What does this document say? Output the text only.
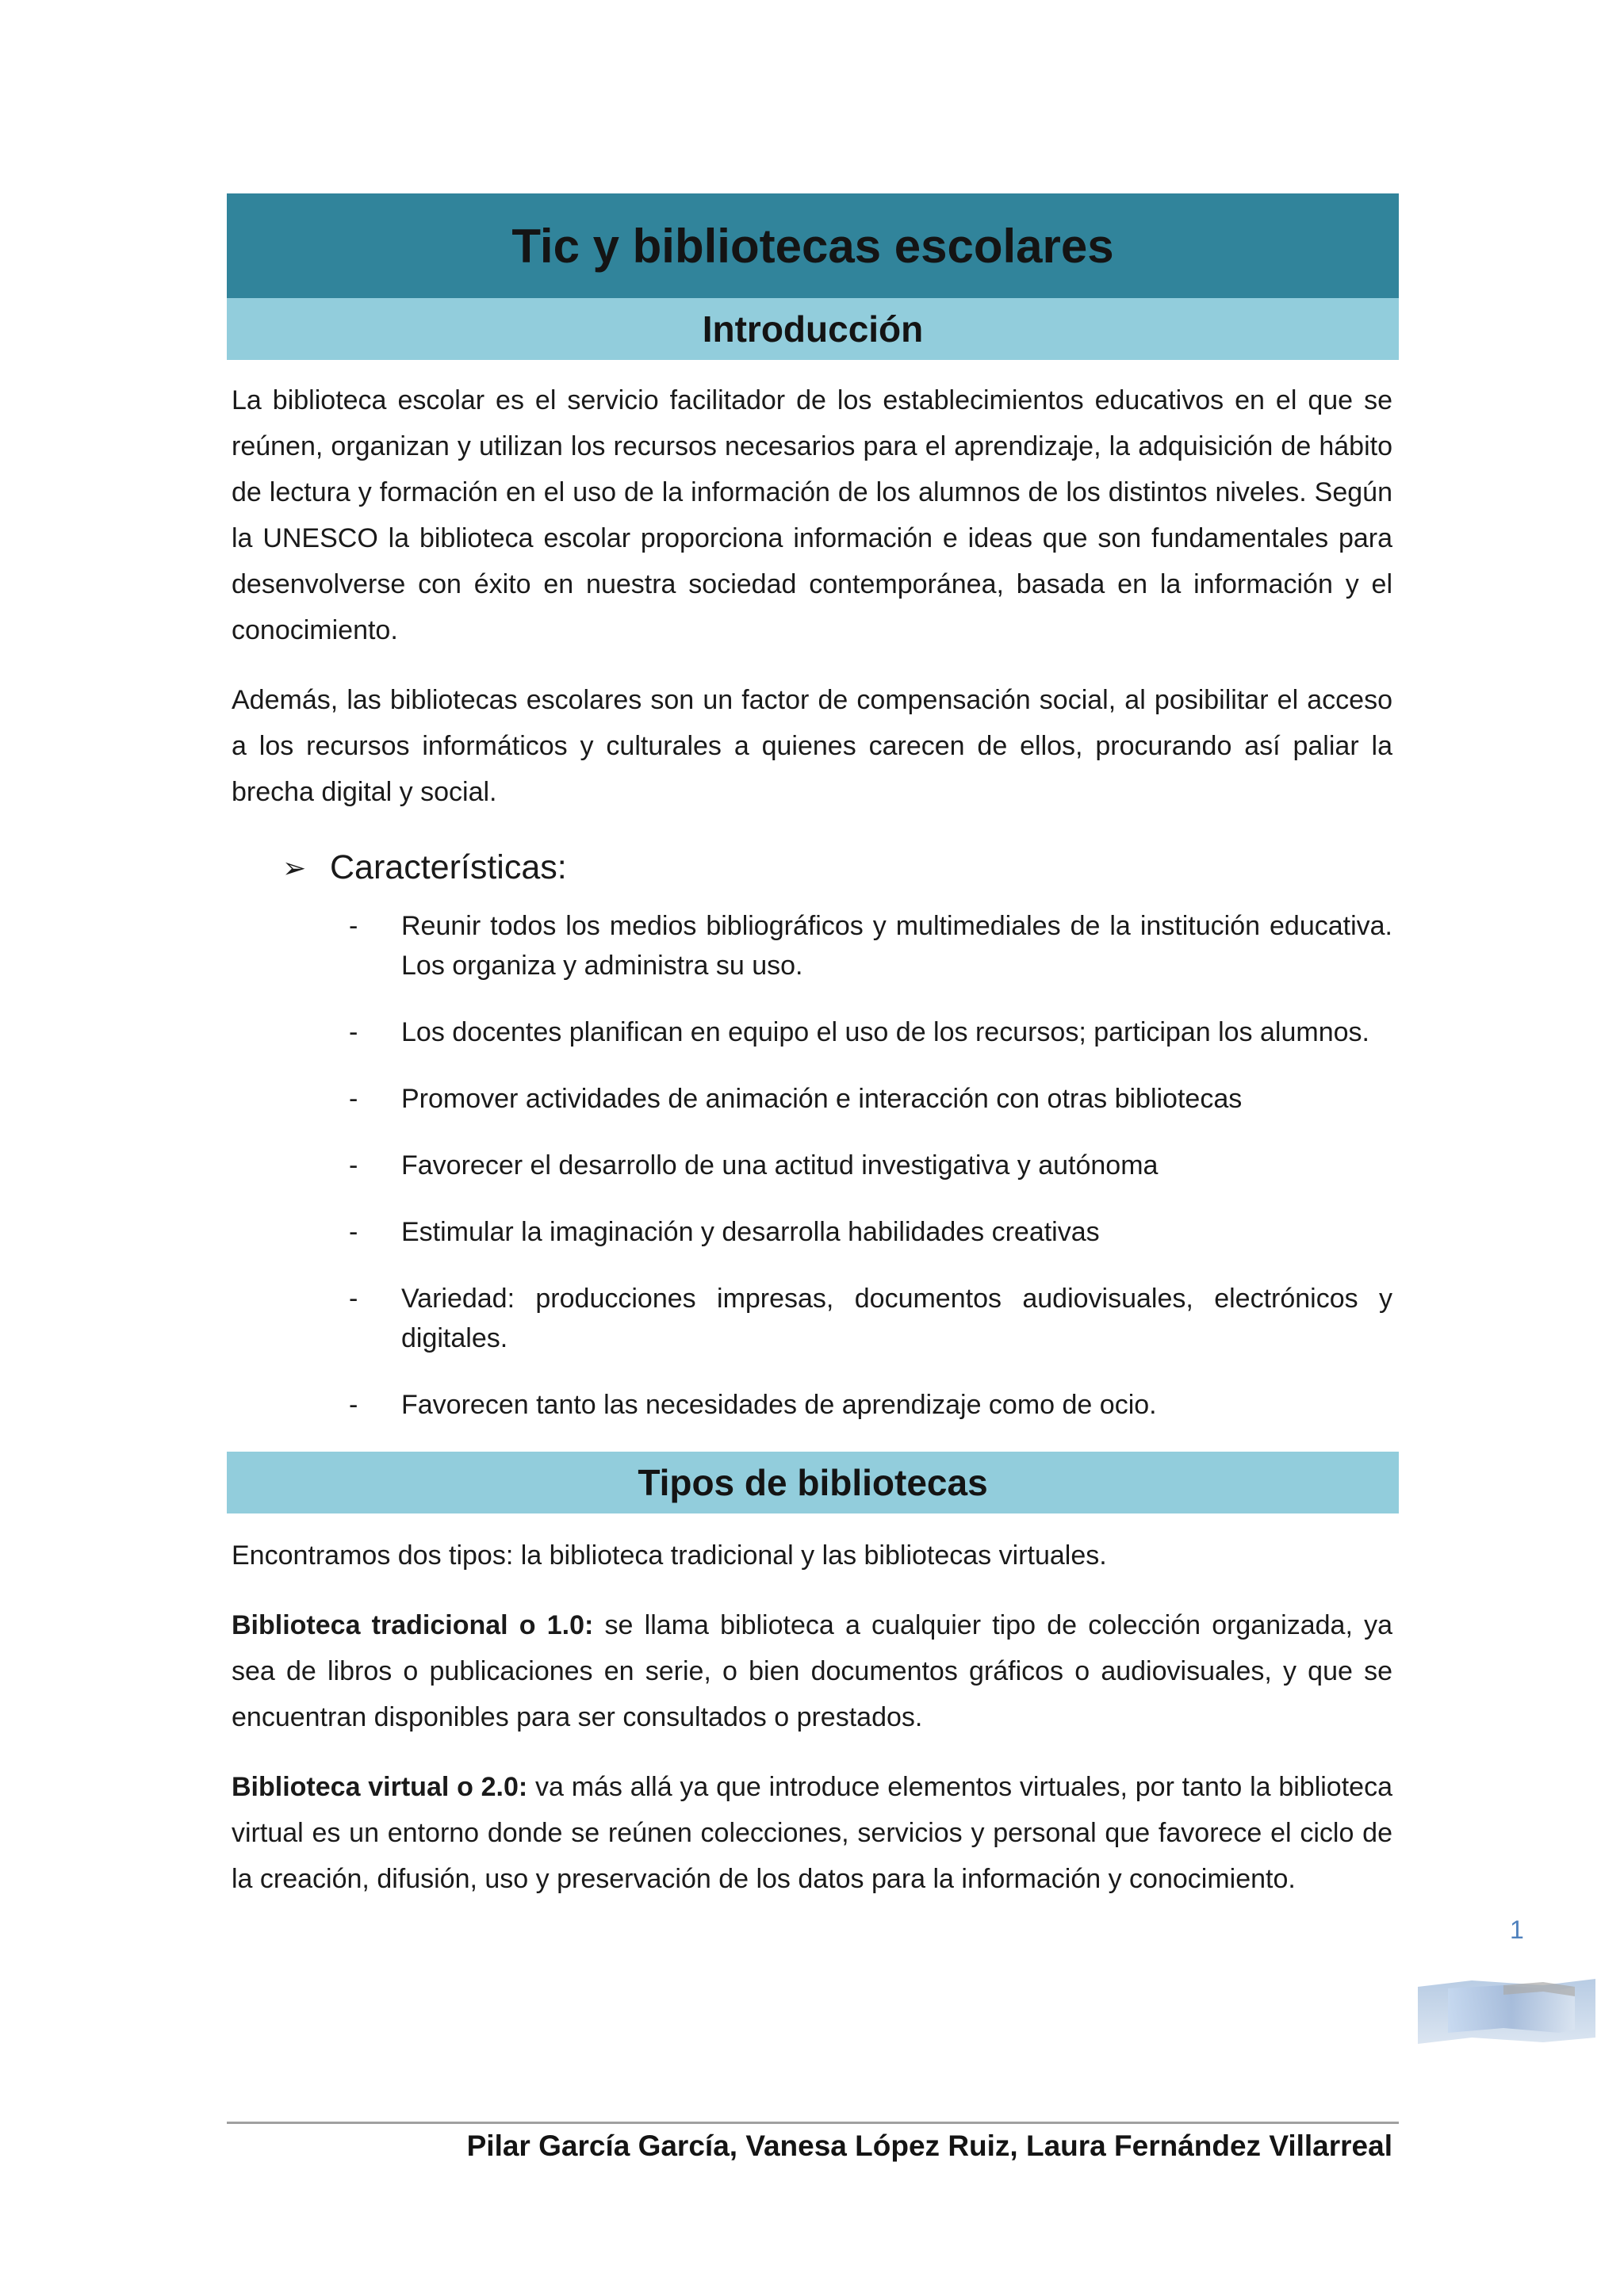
Tic y bibliotecas escolares
Introducción

La biblioteca escolar es el servicio facilitador de los establecimientos educativos en el que se reúnen, organizan y utilizan los recursos necesarios para el aprendizaje, la adquisición de hábito de lectura y formación en el uso de la información de los alumnos de los distintos niveles. Según la UNESCO la biblioteca escolar proporciona información e ideas que son fundamentales para desenvolverse con éxito en nuestra sociedad contemporánea, basada en la información y el conocimiento.

Además, las bibliotecas escolares son un factor de compensación social, al posibilitar el acceso a los recursos informáticos y culturales a quienes carecen de ellos, procurando así paliar la brecha digital y social.

➢ Características:
-	Reunir todos los medios bibliográficos y multimediales de la institución educativa. Los organiza y administra su uso.
-	Los docentes planifican en equipo el uso de los recursos; participan los alumnos.
-	Promover actividades de animación e interacción con otras bibliotecas
-	Favorecer el desarrollo de una actitud investigativa y autónoma
-	Estimular la imaginación y desarrolla habilidades creativas
-	Variedad: producciones impresas, documentos audiovisuales, electrónicos y digitales.
-	Favorecen tanto las necesidades de aprendizaje como de ocio.
Tipos de bibliotecas

Encontramos dos tipos: la biblioteca tradicional y las bibliotecas virtuales.

Biblioteca tradicional o 1.0: se llama biblioteca a cualquier tipo de colección organizada, ya sea de libros o publicaciones en serie, o bien documentos gráficos o audiovisuales, y que se encuentran disponibles para ser consultados o prestados.

Biblioteca virtual o 2.0: va más allá ya que introduce elementos virtuales, por tanto la biblioteca virtual es un entorno donde se reúnen colecciones, servicios y personal que favorece el ciclo de la creación, difusión, uso y preservación de los datos para la información y conocimiento.

1
Pilar García García, Vanesa López Ruiz, Laura Fernández Villarreal
